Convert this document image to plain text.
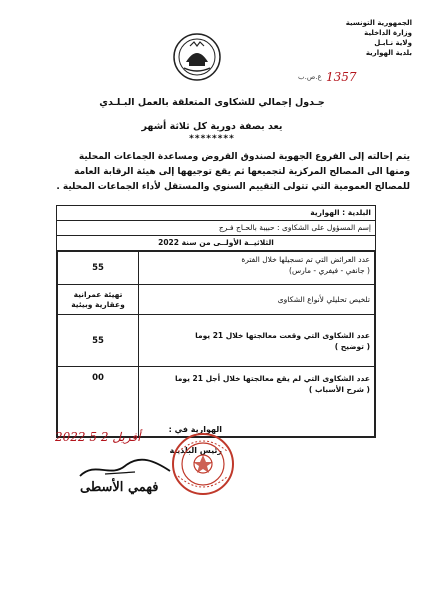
الجمهورية التونسية
وزارة الداخلية
ولاية نـابـل
بلدية الهوارية
ع.ص.ب 1357
جـدول إجمالي للشكاوى المتعلقة بالعمل البـلـدي
يعد بصفة دورية كل ثلاثة أشهر
********
يتم إحالته إلى الفروع الجهوية لصندوق القروض ومساعدة الجماعات المحلية
ومنها الى المصالح المركزية لتجميعها ثم يقع توجيهها إلى هيئة الرقابة العامة
للمصالح العمومية التي تتولى التقييم السنوي والمستقل لأداء الجماعات المحلية .
البلدية : الهوارية
إسم المسؤول على الشكاوى : حبيبة بالحـاج فـرج
الثلاثيــة الأولــى من سنة 2022
55	عدد العرائض التي تم تسجيلها خلال الفترة
( جانفي - فيفري - مارس)

تهيئة عمرانية وعقارية وبيئية	تلخيص تحليلي لأنواع الشكاوى

55	عدد الشكاوى التي وقعت معالجتها خلال 21 يوما
( توضيح )

00	عدد الشكاوى التي لم يقع معالجتها خلال أجل 21 يوما
( شرح الأسباب )
2022 أفريل 2 5
الهوارية في :
رئيس البلديـة
فهمي الأسطى
